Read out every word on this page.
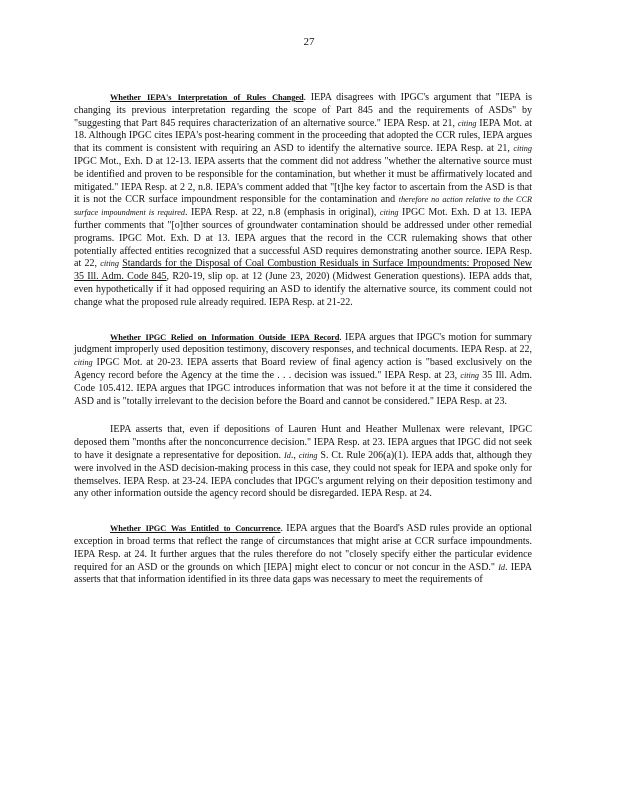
27

Whether IEPA's Interpretation of Rules Changed. IEPA disagrees with IPGC's argument that "IEPA is changing its previous interpretation regarding the scope of Part 845 and the requirements of ASDs" by "suggesting that Part 845 requires characterization of an alternative source." IEPA Resp. at 21, citing IEPA Mot. at 18. Although IPGC cites IEPA's post-hearing comment in the proceeding that adopted the CCR rules, IEPA argues that its comment is consistent with requiring an ASD to identify the alternative source. IEPA Resp. at 21, citing IPGC Mot., Exh. D at 12-13. IEPA asserts that the comment did not address "whether the alternative source must be identified and proven to be responsible for the contamination, but whether it must be affirmatively located and mitigated." IEPA Resp. at 2 2, n.8. IEPA's comment added that "[t]he key factor to ascertain from the ASD is that it is not the CCR surface impoundment responsible for the contamination and therefore no action relative to the CCR surface impoundment is required. IEPA Resp. at 22, n.8 (emphasis in original), citing IPGC Mot. Exh. D at 13. IEPA further comments that "[o]ther sources of groundwater contamination should be addressed under other remedial programs. IPGC Mot. Exh. D at 13. IEPA argues that the record in the CCR rulemaking shows that other potentially affected entities recognized that a successful ASD requires demonstrating another source. IEPA Resp. at 22, citing Standards for the Disposal of Coal Combustion Residuals in Surface Impoundments: Proposed New 35 Ill. Adm. Code 845, R20-19, slip op. at 12 (June 23, 2020) (Midwest Generation questions). IEPA adds that, even hypothetically if it had opposed requiring an ASD to identify the alternative source, its comment could not change what the proposed rule already required. IEPA Resp. at 21-22.

Whether IPGC Relied on Information Outside IEPA Record. IEPA argues that IPGC's motion for summary judgment improperly used deposition testimony, discovery responses, and technical documents. IEPA Resp. at 22, citing IPGC Mot. at 20-23. IEPA asserts that Board review of final agency action is "based exclusively on the Agency record before the Agency at the time the . . . decision was issued." IEPA Resp. at 23, citing 35 Ill. Adm. Code 105.412. IEPA argues that IPGC introduces information that was not before it at the time it considered the ASD and is "totally irrelevant to the decision before the Board and cannot be considered." IEPA Resp. at 23.

IEPA asserts that, even if depositions of Lauren Hunt and Heather Mullenax were relevant, IPGC deposed them "months after the nonconcurrence decision." IEPA Resp. at 23. IEPA argues that IPGC did not seek to have it designate a representative for deposition. Id., citing S. Ct. Rule 206(a)(1). IEPA adds that, although they were involved in the ASD decision-making process in this case, they could not speak for IEPA and spoke only for themselves. IEPA Resp. at 23-24. IEPA concludes that IPGC's argument relying on their deposition testimony and any other information outside the agency record should be disregarded. IEPA Resp. at 24.

Whether IPGC Was Entitled to Concurrence. IEPA argues that the Board's ASD rules provide an optional exception in broad terms that reflect the range of circumstances that might arise at CCR surface impoundments. IEPA Resp. at 24. It further argues that the rules therefore do not "closely specify either the particular evidence required for an ASD or the grounds on which [IEPA] might elect to concur or not concur in the ASD." Id. IEPA asserts that that information identified in its three data gaps was necessary to meet the requirements of
